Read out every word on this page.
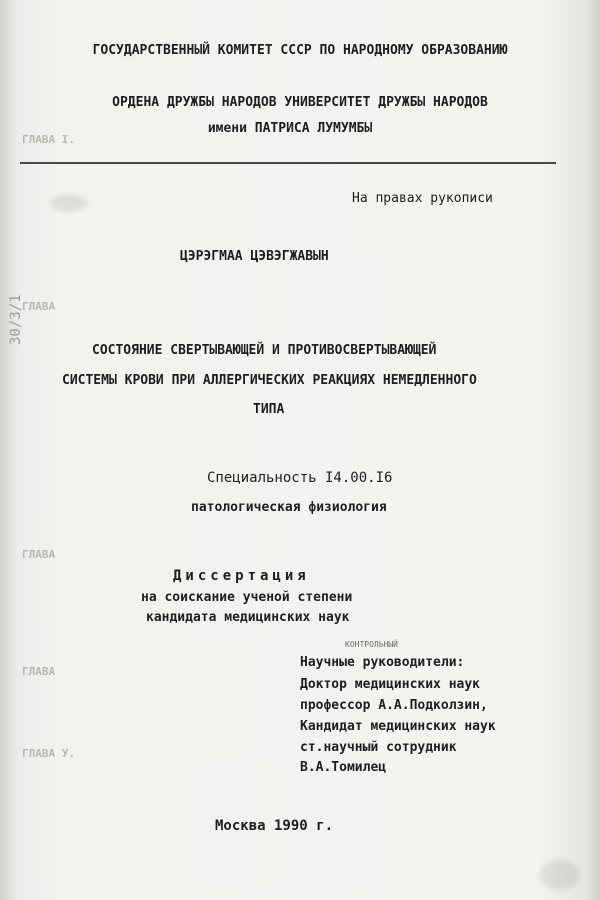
ГЛАВА I.
ГЛАВА
ГЛАВА
ГЛАВА
ГЛАВА У.
30/3/1
ГОСУДАРСТВЕННЫЙ КОМИТЕТ СССР ПО НАРОДНОМУ ОБРАЗОВАНИЮ
ОРДЕНА ДРУЖБЫ НАРОДОВ УНИВЕРСИТЕТ ДРУЖБЫ НАРОДОВ
имени ПАТРИСА ЛУМУМБЫ
На правах рукописи
ЦЭРЭГМАА ЦЭВЭГЖАВЫН
СОСТОЯНИЕ СВЕРТЫВАЮЩЕЙ И ПРОТИВОСВЕРТЫВАЮЩЕЙ
СИСТЕМЫ КРОВИ ПРИ АЛЛЕРГИЧЕСКИХ РЕАКЦИЯХ НЕМЕДЛЕННОГО
ТИПА
Специальность I4.00.I6
патологическая физиология
Диссертация
на соискание ученой степени
кандидата медицинских наук
КОНТРОЛЬНЫЙ
Научные руководители:
Доктор медицинских наук
профессор А.А.Подколзин,
Кандидат медицинских наук
ст.научный сотрудник
В.А.Томилец
Москва 1990 г.
